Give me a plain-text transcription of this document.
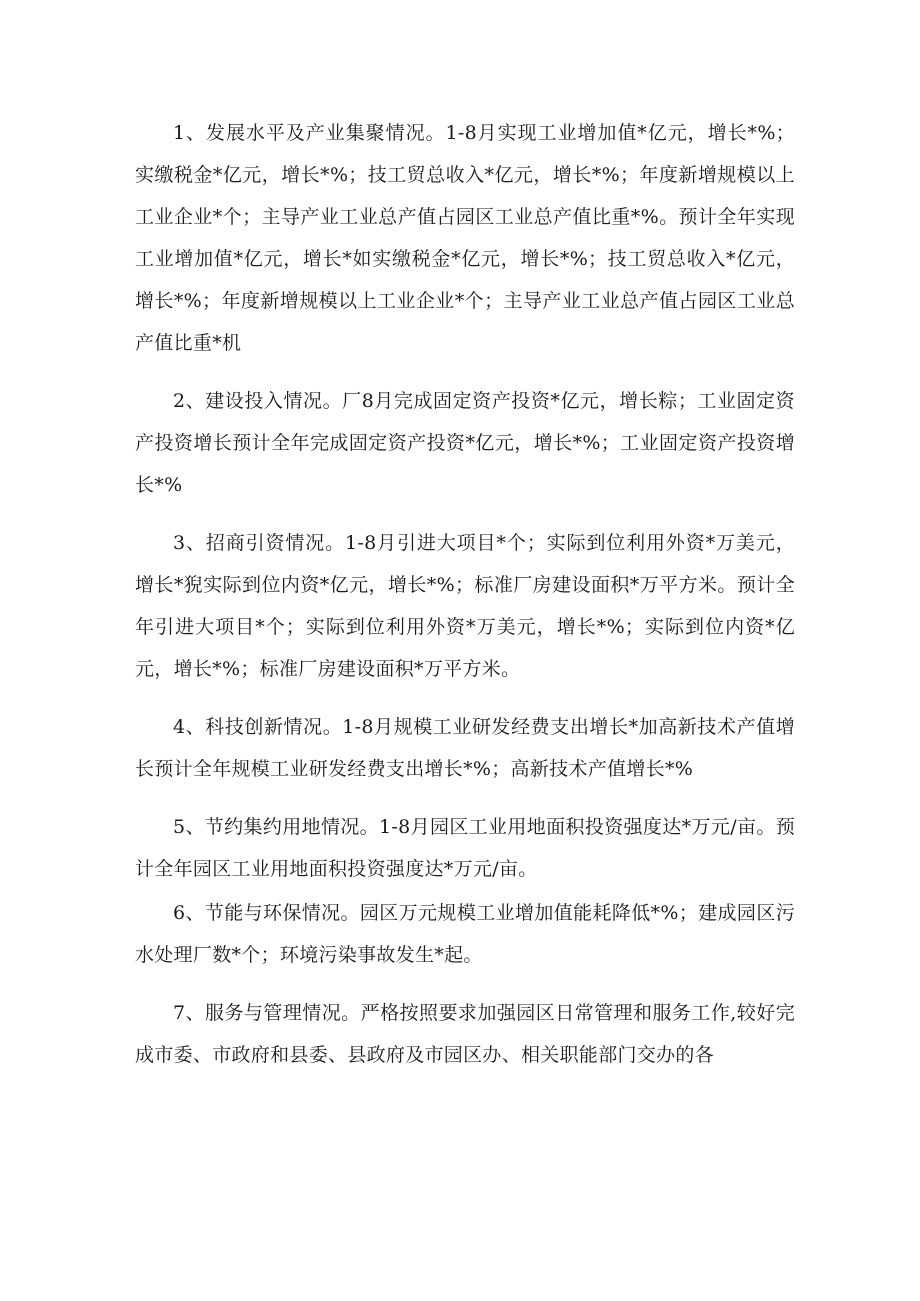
1、发展水平及产业集聚情况。1-8月实现工业增加值*亿元，增长*%；实缴税金*亿元，增长*%；技工贸总收入*亿元，增长*%；年度新增规模以上工业企业*个；主导产业工业总产值占园区工业总产值比重*%。预计全年实现工业增加值*亿元，增长*如实缴税金*亿元，增长*%；技工贸总收入*亿元，增长*%；年度新增规模以上工业企业*个；主导产业工业总产值占园区工业总产值比重*机

2、建设投入情况。厂8月完成固定资产投资*亿元，增长粽；工业固定资产投资增长预计全年完成固定资产投资*亿元，增长*%；工业固定资产投资增长*%

3、招商引资情况。1-8月引进大项目*个；实际到位利用外资*万美元，增长*猊实际到位内资*亿元，增长*%；标准厂房建设面积*万平方米。预计全年引进大项目*个；实际到位利用外资*万美元，增长*%；实际到位内资*亿元，增长*%；标准厂房建设面积*万平方米。

4、科技创新情况。1-8月规模工业研发经费支出增长*加高新技术产值增长预计全年规模工业研发经费支出增长*%；高新技术产值增长*%

5、节约集约用地情况。1-8月园区工业用地面积投资强度达*万元/亩。预计全年园区工业用地面积投资强度达*万元/亩。

6、节能与环保情况。园区万元规模工业增加值能耗降低*%；建成园区污水处理厂数*个；环境污染事故发生*起。

7、服务与管理情况。严格按照要求加强园区日常管理和服务工作,较好完成市委、市政府和县委、县政府及市园区办、相关职能部门交办的各
